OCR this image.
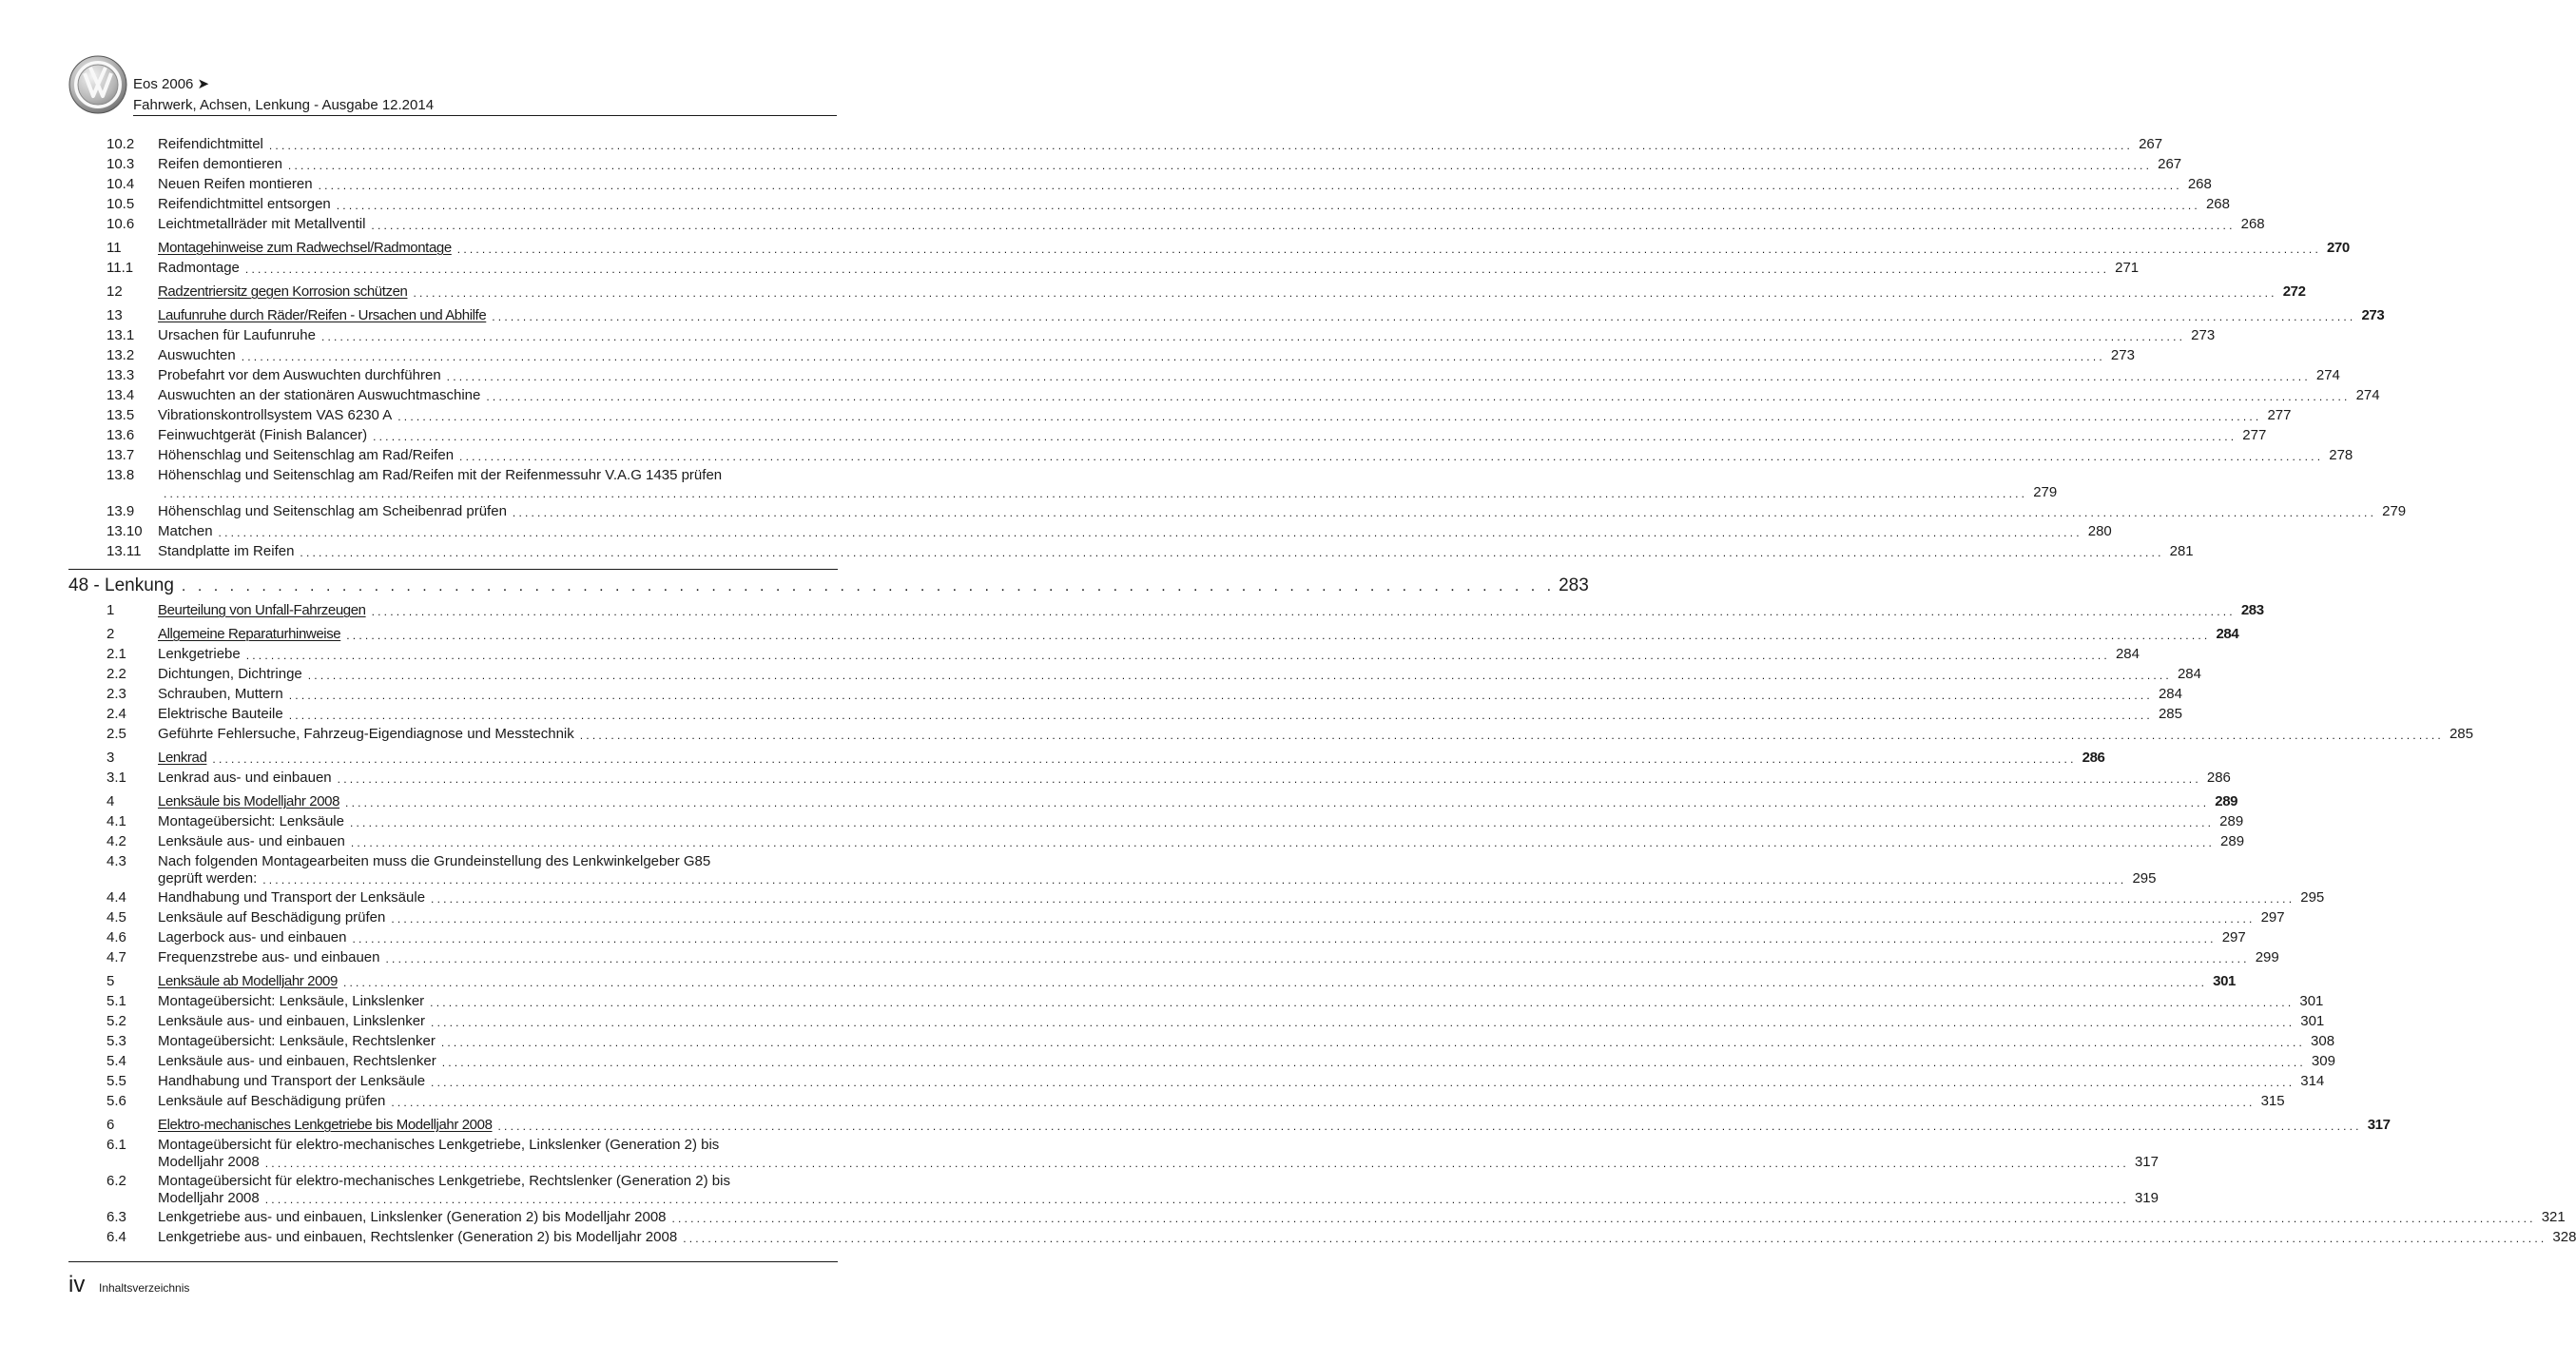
Eos 2006 ➤
Fahrwerk, Achsen, Lenkung - Ausgabe 12.2014
10.2	Reifendichtmittel ............................................................................................................................................................................................................................................................................................................ 267
10.3	Reifen demontieren ............................................................................................................................................................................................................................................................................................................ 267
10.4	Neuen Reifen montieren ............................................................................................................................................................................................................................................................................................................ 268
10.5	Reifendichtmittel entsorgen ............................................................................................................................................................................................................................................................................................................ 268
10.6	Leichtmetallräder mit Metallventil ............................................................................................................................................................................................................................................................................................................ 268
11	Montagehinweise zum Radwechsel/Radmontage ............................................................................................................................................................................................................................................................................................................ 270
11.1	Radmontage ............................................................................................................................................................................................................................................................................................................ 271
12	Radzentriersitz gegen Korrosion schützen ............................................................................................................................................................................................................................................................................................................ 272
13	Laufunruhe durch Räder/Reifen - Ursachen und Abhilfe ............................................................................................................................................................................................................................................................................................................ 273
13.1	Ursachen für Laufunruhe ............................................................................................................................................................................................................................................................................................................ 273
13.2	Auswuchten ............................................................................................................................................................................................................................................................................................................ 273
13.3	Probefahrt vor dem Auswuchten durchführen ............................................................................................................................................................................................................................................................................................................ 274
13.4	Auswuchten an der stationären Auswuchtmaschine ............................................................................................................................................................................................................................................................................................................ 274
13.5	Vibrationskontrollsystem VAS 6230 A ............................................................................................................................................................................................................................................................................................................ 277
13.6	Feinwuchtgerät (Finish Balancer) ............................................................................................................................................................................................................................................................................................................ 277
13.7	Höhenschlag und Seitenschlag am Rad/Reifen ............................................................................................................................................................................................................................................................................................................ 278
13.8	Höhenschlag und Seitenschlag am Rad/Reifen mit der Reifenmessuhr V.A.G 1435 prüfen
............................................................................................................................................................................................................................................................................................................ 279
13.9	Höhenschlag und Seitenschlag am Scheibenrad prüfen ............................................................................................................................................................................................................................................................................................................ 279
13.10	Matchen ............................................................................................................................................................................................................................................................................................................ 280
13.11	Standplatte im Reifen ............................................................................................................................................................................................................................................................................................................ 281
1	Beurteilung von Unfall-Fahrzeugen ............................................................................................................................................................................................................................................................................................................ 283
2	Allgemeine Reparaturhinweise ............................................................................................................................................................................................................................................................................................................ 284
2.1	Lenkgetriebe ............................................................................................................................................................................................................................................................................................................ 284
2.2	Dichtungen, Dichtringe ............................................................................................................................................................................................................................................................................................................ 284
2.3	Schrauben, Muttern ............................................................................................................................................................................................................................................................................................................ 284
2.4	Elektrische Bauteile ............................................................................................................................................................................................................................................................................................................ 285
2.5	Geführte Fehlersuche, Fahrzeug-Eigendiagnose und Messtechnik ............................................................................................................................................................................................................................................................................................................ 285
3	Lenkrad ............................................................................................................................................................................................................................................................................................................ 286
3.1	Lenkrad aus- und einbauen ............................................................................................................................................................................................................................................................................................................ 286
4	Lenksäule bis Modelljahr 2008 ............................................................................................................................................................................................................................................................................................................ 289
4.1	Montageübersicht: Lenksäule ............................................................................................................................................................................................................................................................................................................ 289
4.2	Lenksäule aus- und einbauen ............................................................................................................................................................................................................................................................................................................ 289
4.3	Nach folgenden Montagearbeiten muss die Grundeinstellung des Lenkwinkelgeber G85
geprüft werden: ............................................................................................................................................................................................................................................................................................................ 295
4.4	Handhabung und Transport der Lenksäule ............................................................................................................................................................................................................................................................................................................ 295
4.5	Lenksäule auf Beschädigung prüfen ............................................................................................................................................................................................................................................................................................................ 297
4.6	Lagerbock aus- und einbauen ............................................................................................................................................................................................................................................................................................................ 297
4.7	Frequenzstrebe aus- und einbauen ............................................................................................................................................................................................................................................................................................................ 299
5	Lenksäule ab Modelljahr 2009 ............................................................................................................................................................................................................................................................................................................ 301
5.1	Montageübersicht: Lenksäule, Linkslenker ............................................................................................................................................................................................................................................................................................................ 301
5.2	Lenksäule aus- und einbauen, Linkslenker ............................................................................................................................................................................................................................................................................................................ 301
5.3	Montageübersicht: Lenksäule, Rechtslenker ............................................................................................................................................................................................................................................................................................................ 308
5.4	Lenksäule aus- und einbauen, Rechtslenker ............................................................................................................................................................................................................................................................................................................ 309
5.5	Handhabung und Transport der Lenksäule ............................................................................................................................................................................................................................................................................................................ 314
5.6	Lenksäule auf Beschädigung prüfen ............................................................................................................................................................................................................................................................................................................ 315
6	Elektro-mechanisches Lenkgetriebe bis Modelljahr 2008 ............................................................................................................................................................................................................................................................................................................ 317
6.1	Montageübersicht für elektro-mechanisches Lenkgetriebe, Linkslenker (Generation 2) bis
Modelljahr 2008 ............................................................................................................................................................................................................................................................................................................ 317
6.2	Montageübersicht für elektro-mechanisches Lenkgetriebe, Rechtslenker (Generation 2) bis
Modelljahr 2008 ............................................................................................................................................................................................................................................................................................................ 319
6.3	Lenkgetriebe aus- und einbauen, Linkslenker (Generation 2) bis Modelljahr 2008 ............................................................................................................................................................................................................................................................................................................ 321
6.4	Lenkgetriebe aus- und einbauen, Rechtslenker (Generation 2) bis Modelljahr 2008 ............................................................................................................................................................................................................................................................................................................ 328
48 - Lenkung . . . . . . . . . . . . . . . . . . . . . . . . . . . . . . . . . . . . . . . . . . . . . . . . . . . . . . . . . . . . . . . . . . . . . . . . . . . . . . . . . . . . . . 283
iv Inhaltsverzeichnis
